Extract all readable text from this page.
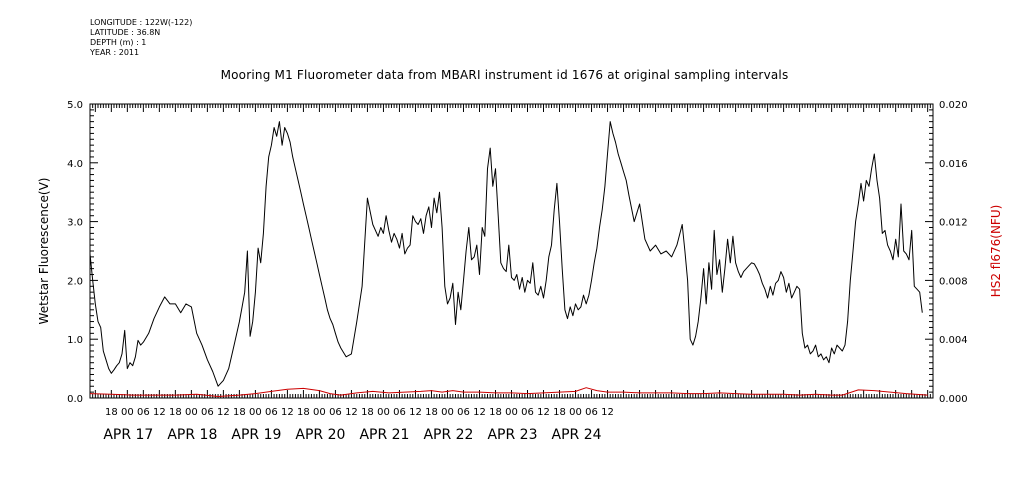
LONGITUDE : 122W(-122)
LATITUDE : 36.8N
DEPTH (m) : 1
YEAR : 2011
Mooring M1 Fluorometer data from MBARI instrument id 1676 at original sampling intervals
18 00 06 12 18 00 06 12 18 00 06 12 18 00 06 12 18 00 06 12 18 00 06 12 18 00 06 12 18 00 06 12
APR 17 APR 18 APR 19 APR 20 APR 21 APR 22 APR 23 APR 24
0.0
1.0
2.0
3.0
4.0
5.0
0.000
0.004
0.008
0.012
0.016
0.020
Wetstar Fluorescence(V)	HS2 fl676(NFU)
